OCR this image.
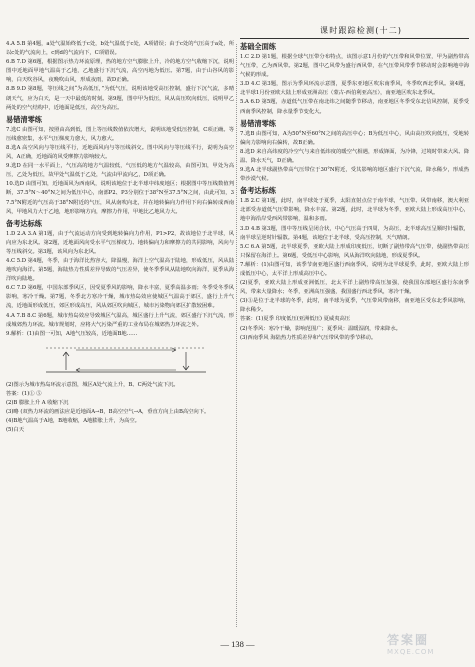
课时跟踪检测(十二)
4.A 5.B 第4题，a处气温始终低于c处，b处气温低于c处，A项错误；由于c处的气压高于a处，所以c处的气流向上，c到d的气流向下，C项错误。
6.B 7.D 第6题，根据图示热力环流原理，热的地方空气膨胀上升，冷的地方空气收缩下沉，说明图中近地面甲地气温高于乙地，乙地盛行下沉气流，高空丙地为低压。第7题，由于山谷风的影响，白天吹谷风，夜晚吹山风，形成夜雨，故D正确。
8.B 9.D 第8题，等压线之间“为高低压，”为低气压，说明该地受高压控制，盛行下沉气流，多晴朗天气，应为白天，是一天中最低的时刻。第9题，图中甲为低压，风从高压吹向低压，说明甲乙两处的空气结构中，近地面是低压，高空为高压。
易错清零练
7.选C 由图可知，按照由高到低，图上等压线数值依次增大，说明该地受低压控制，C项正确。等压线愈密集，水平气压梯度力愈大，风力愈大。
8.选A 高空风向与等压线平行，近地面风向与等压线斜交。图中风向与等压线平行，说明为高空风，A正确，近地面的风受摩擦力影响较大。
9.选D 在同一水平面上，气压高的地方气温较低，气压低的地方气温较高，由图可知，甲处为高压，乙处为低压，故甲处气温低于乙处，气流由甲流向乙，D项正确。
10.选D 由图可知，近地面风为西南风，说明该地位于北半球中纬度地区；根据图中等压线数值判断，37.5°N～40°N之间为低压中心，南部P2、P3分别位于38°N至37.5°N之间，由此可知，37.5°N附近的气压高于38°N附近的气压，风从南吹向北，并在地转偏向力作用下向右偏转成西南风，甲地风力大于乙地，地形影响方向，摩擦力作用，甲地比乙地风力大。
备考达标练
1.D 2.A 3.A 第1题，由于气流运动方向受到地转偏向力作用，P1>P2，故该地位于北半球，风向应为东北风。第2题，近地面风向受水平气压梯度力、地转偏向力和摩擦力的共同影响，风向与等压线斜交。第3题，该风向为东北风。
4.C 5.D 第4题，冬季，由于海洋比热容大，降温慢，海洋上空气温高于陆地，形成低压，风从陆地吹向海洋。第5题，海陆热力性质差异导致的气压差异，使冬季季风从陆地吹向海洋，夏季从海洋吹向陆地。
6.C 7.D 第6题，中国东部季风区，因受夏季风的影响，降水丰富，夏季高温多雨；冬季受冬季风影响，寒冷干燥。第7题，冬季北方寒冷干燥，城市热岛效应使城区气温高于郊区，盛行上升气流，近地面形成低压，郊区形成高压，风从郊区吹向城区，城市污染物向郊区扩散较困难。
4.A 7.B 8.C 第6题，城市热岛效应导致城区气温高，城区盛行上升气流，郊区盛行下沉气流，形成城郊热力环流。城市规划时，应将大气污染严重的工业布局在城郊热力环流之外。
9.解析：(1)由图一可知，A地气压较高，近地面B地……
(2)图示为城市热岛环流示意图，城区A处气流上升，B、C两处气流下沉。
答案：(1)① ⑤
(2)B 膨胀上升 A 收缩下沉
(3)略 (双热力环流的画法应是近地面A→B，B高空空气→A，垂直方向上由B高空向下。
(4)B地气温高于A地，B地收缩，A地膨胀上升，为高空。
(5)白天
基础全面练
1.C 2.D 第1题，根据全球气压带分布特点，该图示意1月份的气压带和风带位置，甲为副热带高气压带，乙为西风带。第2题，图中乙风带为盛行西风带，在气压带风带季节移动时会影响地中海气候的形成。
3.D 4.C 第3题，图示为季风环流示意图，夏季东亚地区吹东南季风，冬季吹西北季风。第4题，北半球1月份亚欧大陆上形成亚洲高压（蒙古-西伯利亚高压），南亚地区吹东北季风。
5.A 6.D 第5题，赤道低气压带在南北纬之间随季节移动，南亚地区冬季受东北信风控制，夏季受西南季风控制，降水量季节变化大。
易错清零练
7.选B 由图可知，A为50°N至60°N之间的高压中心；B为低压中心，风由高压吹向低压，受地转偏向力影响向右偏转，故B正确。
8.选D 来自高纬度的冷空气与来自低纬度的暖空气相遇，形成锋面，为冷锋，过境时带来大风、降温、降水天气，D正确。
9.选A 北半球副热带高气压带位于30°N附近，受其影响的地区盛行下沉气流，降水稀少，形成热带沙漠气候。
备考达标练
1.B 2.C 第1题，此时，南半球处于夏季，太阳直射点位于南半球，气压带、风带南移，澳大利亚北部受赤道低气压带影响，降水丰富。第2题，此时，北半球为冬季，亚欧大陆上形成高压中心，地中海沿岸受西风带影响，温和多雨。
3.D 4.B 第3题，图中等压线呈闭合状，中心气压高于四周，为高压，北半球高压呈顺时针辐散，南半球呈逆时针辐散。第4题，该地位于北半球，受高压控制，天气晴朗。
5.C 6.A 第5题，北半球夏季，亚欧大陆上形成印度低压，切断了副热带高气压带，使副热带高压只保留在海洋上。第6题，受低压中心影响，风从海洋吹向陆地，形成夏季风。
7.解析：(1)由图可知，该季节南亚地区盛行西南季风，说明为北半球夏季，此时，亚欧大陆上形成低压中心，太平洋上形成高压中心。
(2)夏季，亚欧大陆上形成亚洲低压，北太平洋上副热带高压加强，使我国东部地区盛行东南季风，带来大量降水；冬季，亚洲高压强盛，我国盛行西北季风，寒冷干燥。
(3)③是位于北半球的冬季，此时，南半球为夏季，气压带风带南移，南亚地区受东北季风影响，降水稀少。
答案：(1)夏季 印度低压(亚洲低压) 夏威夷高压
(2)冬季风：寒冷干燥，影响范围广；夏季风：温暖湿润，带来降水。
(3)西南季风 海陆热力性质差异和气压带风带的季节移动。
— 138 —	答案圈
MXQE.COM
